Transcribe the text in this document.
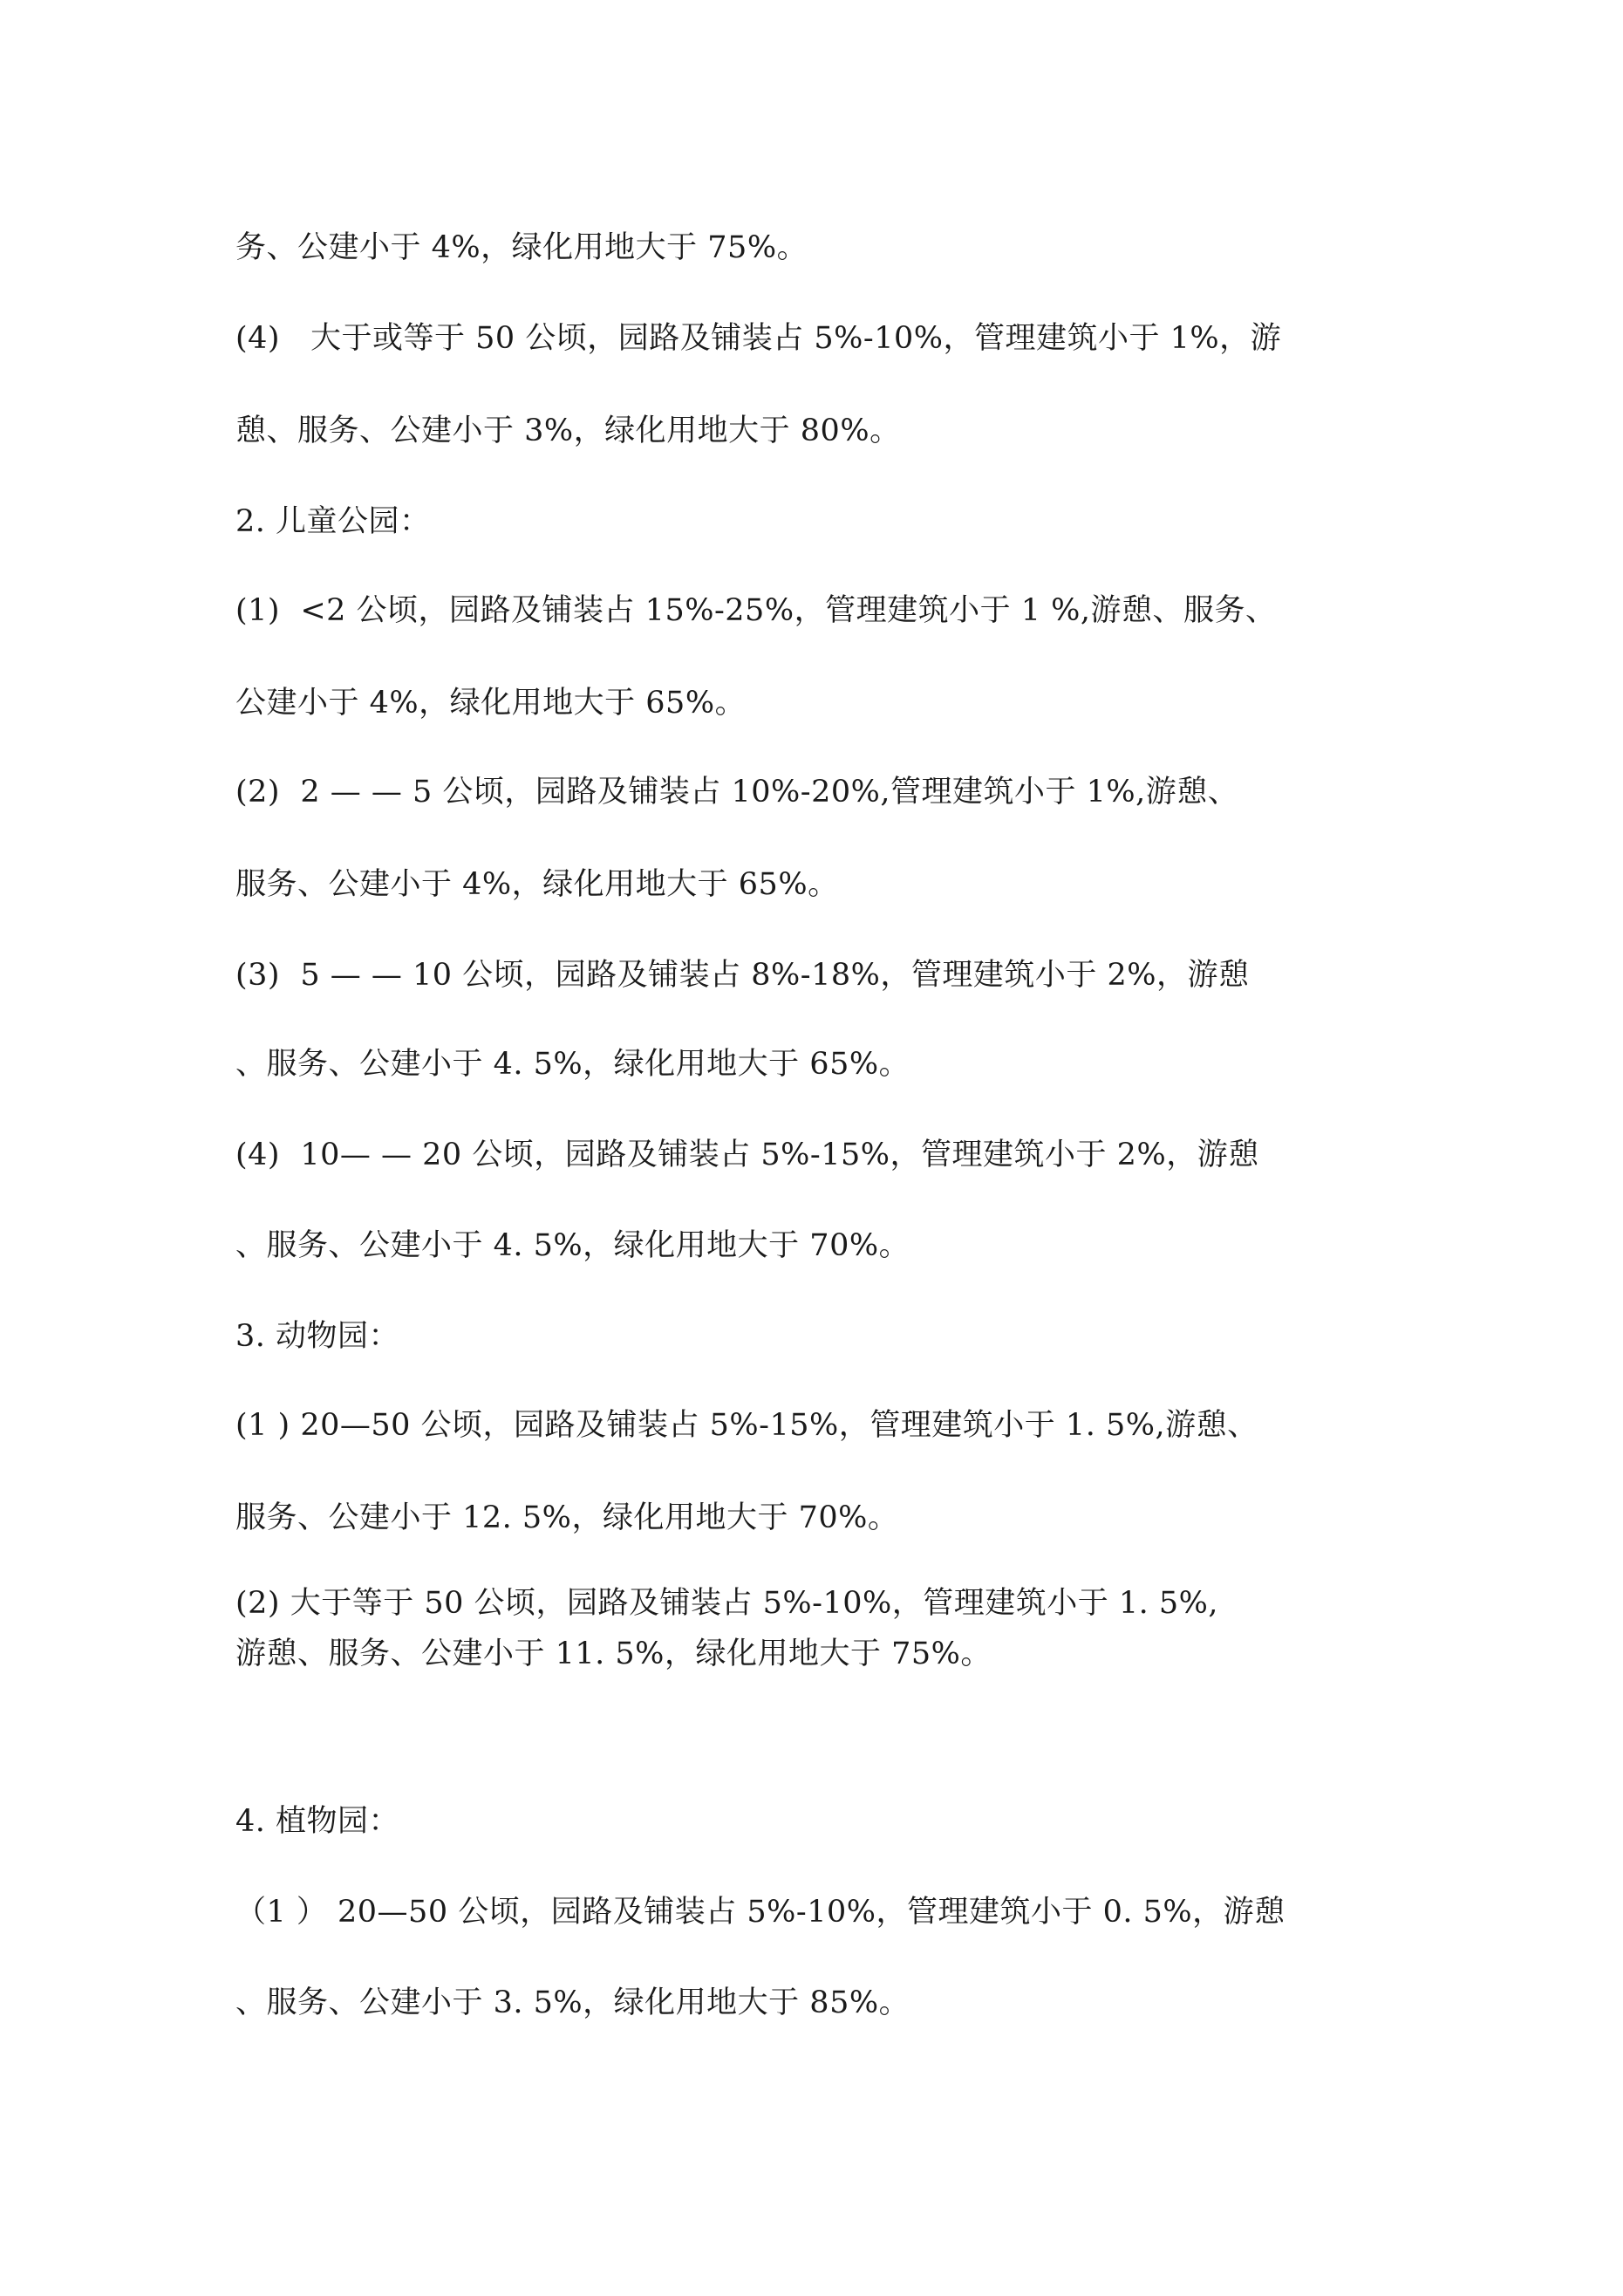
务、公建小于 4%，绿化用地大于 75%。
(4)   大于或等于 50 公顷，园路及铺装占 5%-10%，管理建筑小于 1%，游
憩、服务、公建小于 3%，绿化用地大于 80%。
2. 儿童公园：
(1)  <2 公顷，园路及铺装占 15%-25%，管理建筑小于 1 %,游憩、服务、
公建小于 4%，绿化用地大于 65%。
(2)  2 — — 5 公顷，园路及铺装占 10%-20%,管理建筑小于 1%,游憩、
服务、公建小于 4%，绿化用地大于 65%。
(3)  5 — — 10 公顷，园路及铺装占 8%-18%，管理建筑小于 2%，游憩
、服务、公建小于 4. 5%，绿化用地大于 65%。
(4)  10— — 20 公顷，园路及铺装占 5%-15%，管理建筑小于 2%，游憩
、服务、公建小于 4. 5%，绿化用地大于 70%。
3. 动物园：
(1 ) 20—50 公顷，园路及铺装占 5%-15%，管理建筑小于 1. 5%,游憩、
服务、公建小于 12. 5%，绿化用地大于 70%。
(2) 大于等于 50 公顷，园路及铺装占 5%-10%，管理建筑小于 1. 5%,
游憩、服务、公建小于 11. 5%，绿化用地大于 75%。
4. 植物园：
（1 ） 20—50 公顷，园路及铺装占 5%-10%，管理建筑小于 0. 5%，游憩
、服务、公建小于 3. 5%，绿化用地大于 85%。
